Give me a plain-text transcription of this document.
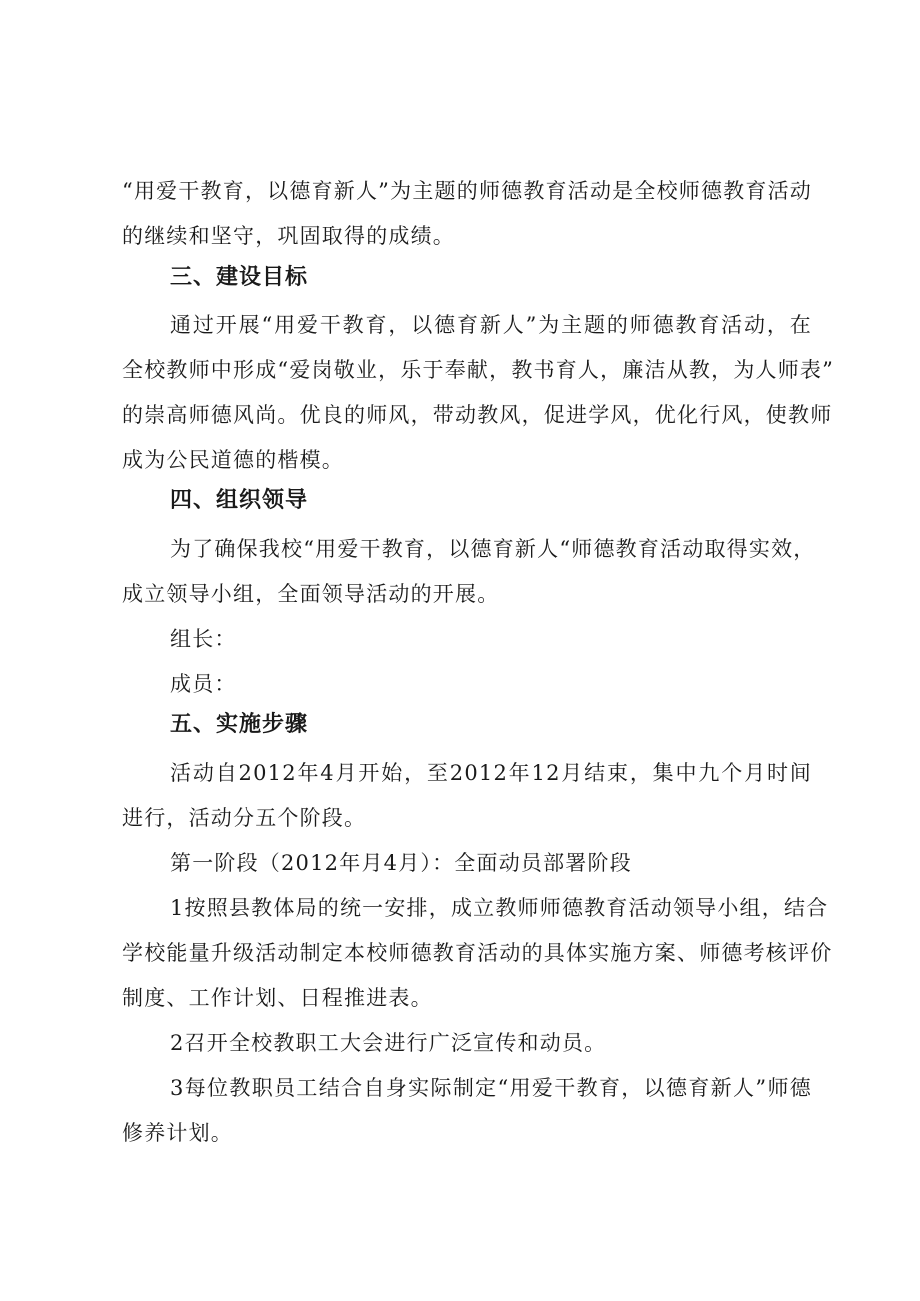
“用爱干教育，以德育新人”为主题的师德教育活动是全校师德教育活动
的继续和坚守，巩固取得的成绩。
三、建设目标
通过开展“用爱干教育，以德育新人”为主题的师德教育活动，在
全校教师中形成“爱岗敬业，乐于奉献，教书育人，廉洁从教，为人师表”
的崇高师德风尚。优良的师风，带动教风，促进学风，优化行风，使教师
成为公民道德的楷模。
四、组织领导
为了确保我校“用爱干教育，以德育新人“师德教育活动取得实效，
成立领导小组，全面领导活动的开展。
组长：
成员：
五、实施步骤
活动自2012年4月开始，至2012年12月结束，集中九个月时间
进行，活动分五个阶段。
第一阶段（2012年月4月）：全面动员部署阶段
1按照县教体局的统一安排，成立教师师德教育活动领导小组，结合
学校能量升级活动制定本校师德教育活动的具体实施方案、师德考核评价
制度、工作计划、日程推进表。
2召开全校教职工大会进行广泛宣传和动员。
3每位教职员工结合自身实际制定“用爱干教育，以德育新人”师德
修养计划。
